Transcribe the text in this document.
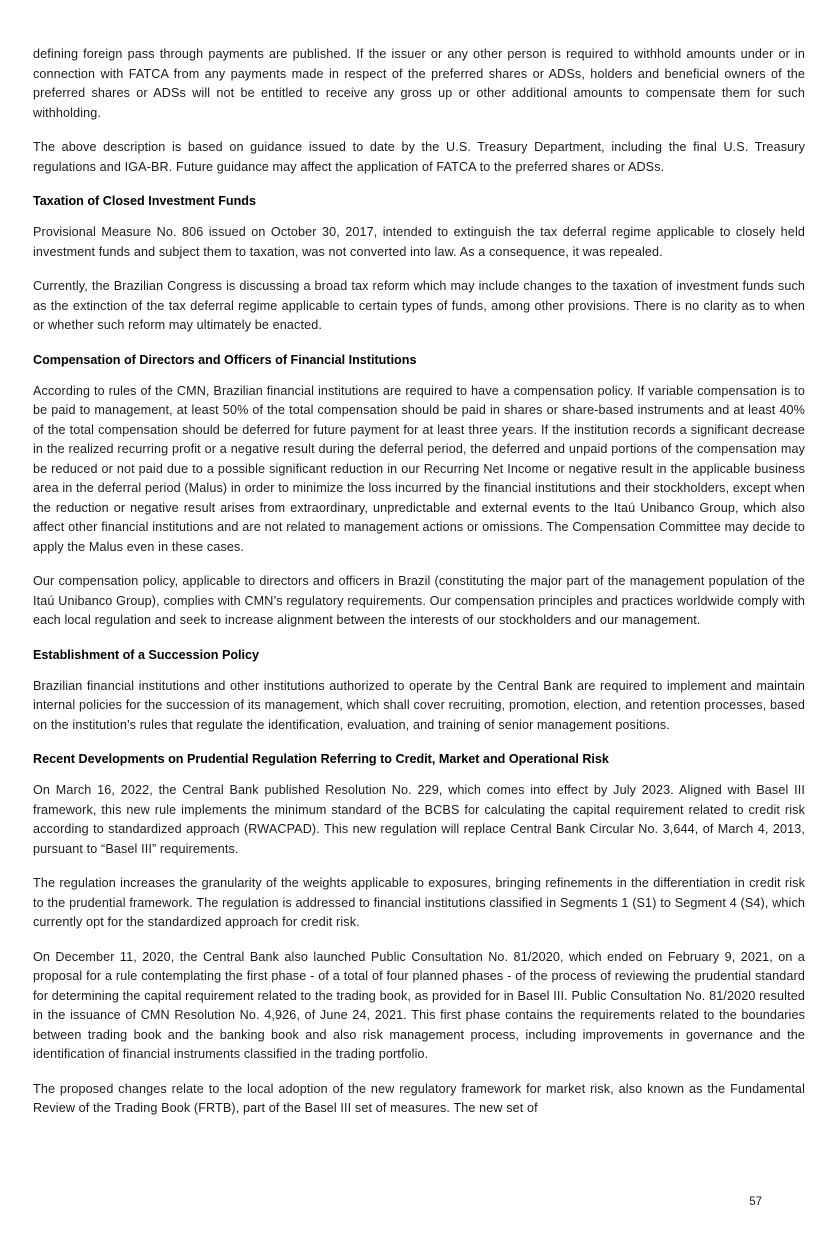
defining foreign pass through payments are published. If the issuer or any other person is required to withhold amounts under or in connection with FATCA from any payments made in respect of the preferred shares or ADSs, holders and beneficial owners of the preferred shares or ADSs will not be entitled to receive any gross up or other additional amounts to compensate them for such withholding.

The above description is based on guidance issued to date by the U.S. Treasury Department, including the final U.S. Treasury regulations and IGA-BR. Future guidance may affect the application of FATCA to the preferred shares or ADSs.

Taxation of Closed Investment Funds

Provisional Measure No. 806 issued on October 30, 2017, intended to extinguish the tax deferral regime applicable to closely held investment funds and subject them to taxation, was not converted into law. As a consequence, it was repealed.

Currently, the Brazilian Congress is discussing a broad tax reform which may include changes to the taxation of investment funds such as the extinction of the tax deferral regime applicable to certain types of funds, among other provisions. There is no clarity as to when or whether such reform may ultimately be enacted.

Compensation of Directors and Officers of Financial Institutions

According to rules of the CMN, Brazilian financial institutions are required to have a compensation policy. If variable compensation is to be paid to management, at least 50% of the total compensation should be paid in shares or share-based instruments and at least 40% of the total compensation should be deferred for future payment for at least three years. If the institution records a significant decrease in the realized recurring profit or a negative result during the deferral period, the deferred and unpaid portions of the compensation may be reduced or not paid due to a possible significant reduction in our Recurring Net Income or negative result in the applicable business area in the deferral period (Malus) in order to minimize the loss incurred by the financial institutions and their stockholders, except when the reduction or negative result arises from extraordinary, unpredictable and external events to the Itaú Unibanco Group, which also affect other financial institutions and are not related to management actions or omissions. The Compensation Committee may decide to apply the Malus even in these cases.

Our compensation policy, applicable to directors and officers in Brazil (constituting the major part of the management population of the Itaú Unibanco Group), complies with CMN’s regulatory requirements. Our compensation principles and practices worldwide comply with each local regulation and seek to increase alignment between the interests of our stockholders and our management.

Establishment of a Succession Policy

Brazilian financial institutions and other institutions authorized to operate by the Central Bank are required to implement and maintain internal policies for the succession of its management, which shall cover recruiting, promotion, election, and retention processes, based on the institution’s rules that regulate the identification, evaluation, and training of senior management positions.

Recent Developments on Prudential Regulation Referring to Credit, Market and Operational Risk

On March 16, 2022, the Central Bank published Resolution No. 229, which comes into effect by July 2023. Aligned with Basel III framework, this new rule implements the minimum standard of the BCBS for calculating the capital requirement related to credit risk according to standardized approach (RWACPAD). This new regulation will replace Central Bank Circular No. 3,644, of March 4, 2013, pursuant to “Basel III” requirements.

The regulation increases the granularity of the weights applicable to exposures, bringing refinements in the differentiation in credit risk to the prudential framework. The regulation is addressed to financial institutions classified in Segments 1 (S1) to Segment 4 (S4), which currently opt for the standardized approach for credit risk.

On December 11, 2020, the Central Bank also launched Public Consultation No. 81/2020, which ended on February 9, 2021, on a proposal for a rule contemplating the first phase - of a total of four planned phases - of the process of reviewing the prudential standard for determining the capital requirement related to the trading book, as provided for in Basel III. Public Consultation No. 81/2020 resulted in the issuance of CMN Resolution No. 4,926, of June 24, 2021. This first phase contains the requirements related to the boundaries between trading book and the banking book and also risk management process, including improvements in governance and the identification of financial instruments classified in the trading portfolio.

The proposed changes relate to the local adoption of the new regulatory framework for market risk, also known as the Fundamental Review of the Trading Book (FRTB), part of the Basel III set of measures. The new set of

57
